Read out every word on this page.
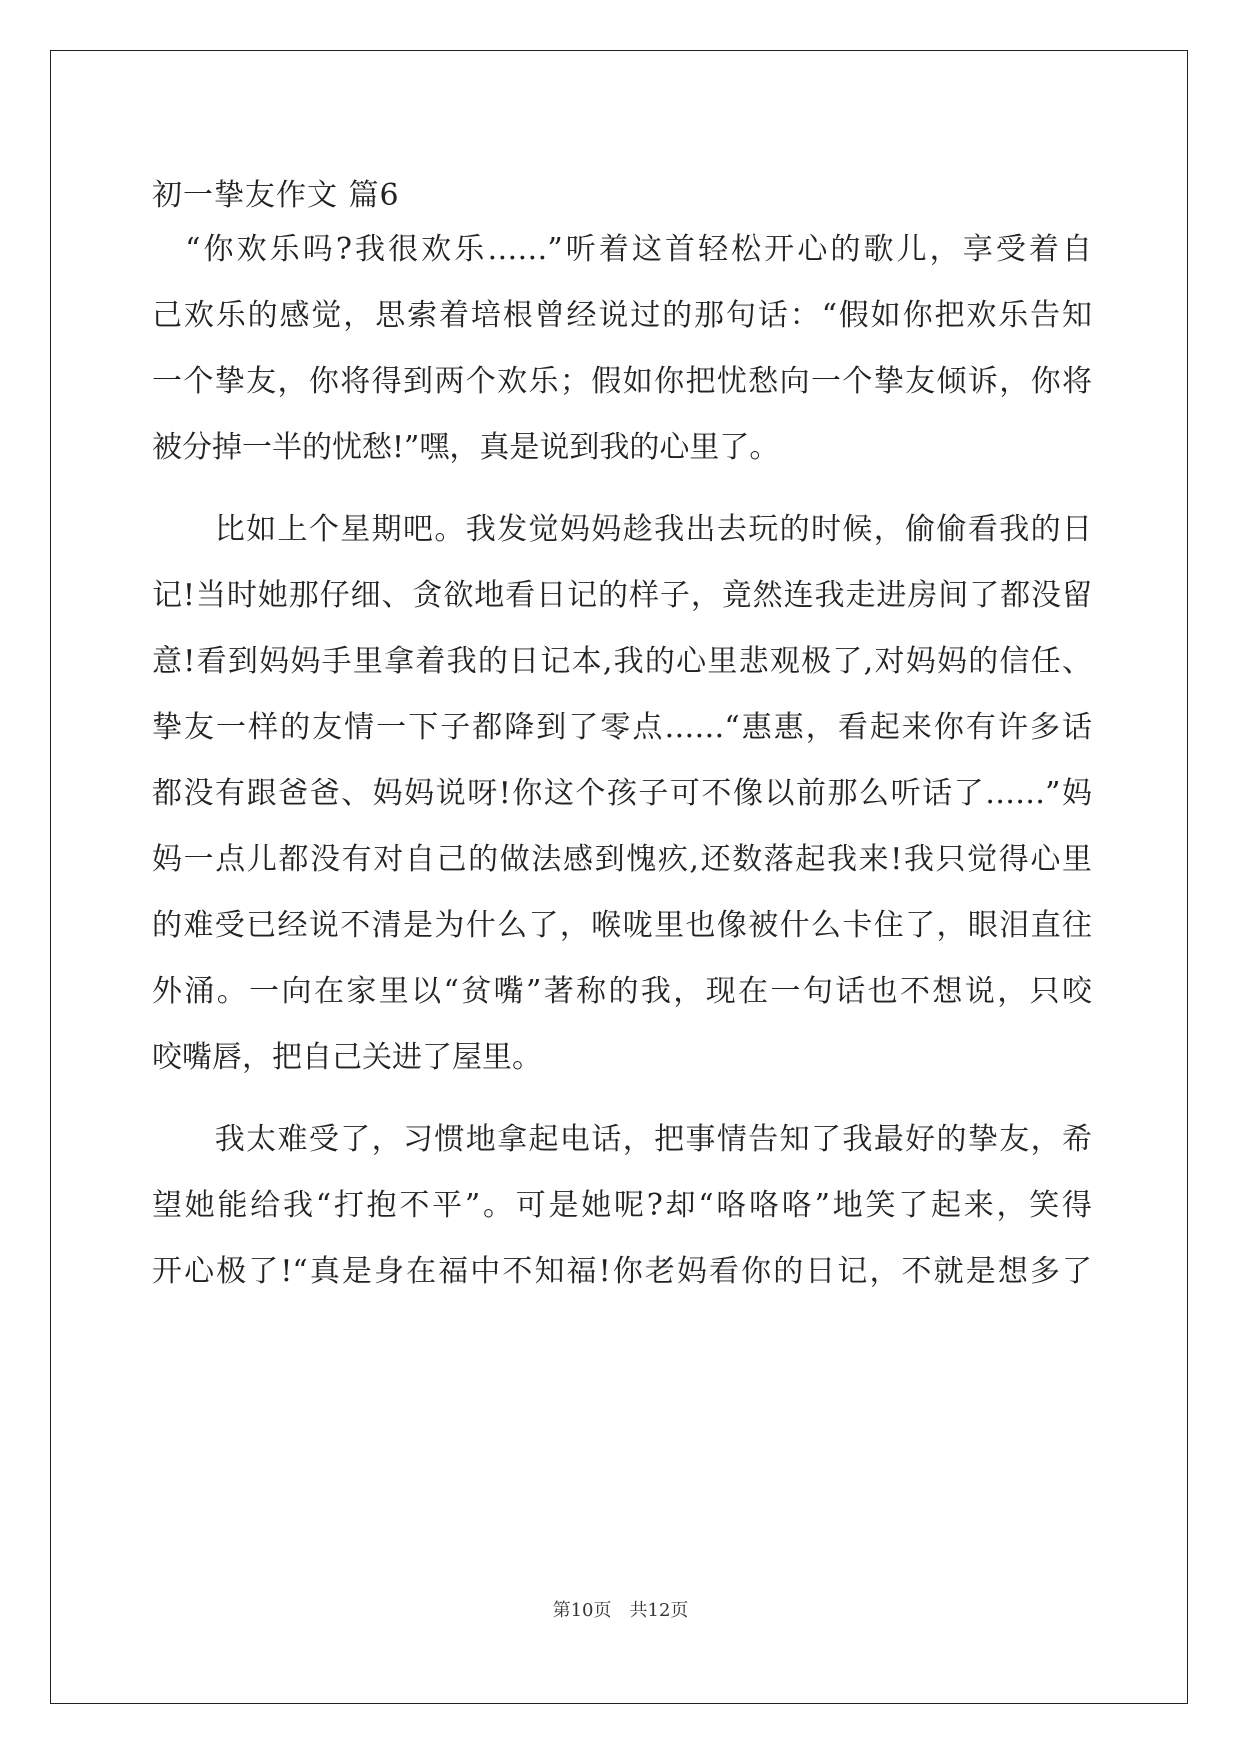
初一挚友作文 篇6
　“你欢乐吗?我很欢乐……”听着这首轻松开心的歌儿，享受着自
己欢乐的感觉，思索着培根曾经说过的那句话：“假如你把欢乐告知
一个挚友，你将得到两个欢乐；假如你把忧愁向一个挚友倾诉，你将
被分掉一半的忧愁!”嘿，真是说到我的心里了。
　　比如上个星期吧。我发觉妈妈趁我出去玩的时候，偷偷看我的日
记!当时她那仔细、贪欲地看日记的样子，竟然连我走进房间了都没留
意!看到妈妈手里拿着我的日记本,我的心里悲观极了,对妈妈的信任、
挚友一样的友情一下子都降到了零点……“惠惠，看起来你有许多话
都没有跟爸爸、妈妈说呀!你这个孩子可不像以前那么听话了……”妈
妈一点儿都没有对自己的做法感到愧疚,还数落起我来!我只觉得心里
的难受已经说不清是为什么了，喉咙里也像被什么卡住了，眼泪直往
外涌。一向在家里以“贫嘴”著称的我，现在一句话也不想说，只咬
咬嘴唇，把自己关进了屋里。
　　我太难受了，习惯地拿起电话，把事情告知了我最好的挚友，希
望她能给我“打抱不平”。可是她呢?却“咯咯咯”地笑了起来，笑得
开心极了!“真是身在福中不知福!你老妈看你的日记，不就是想多了
第10页　共12页
